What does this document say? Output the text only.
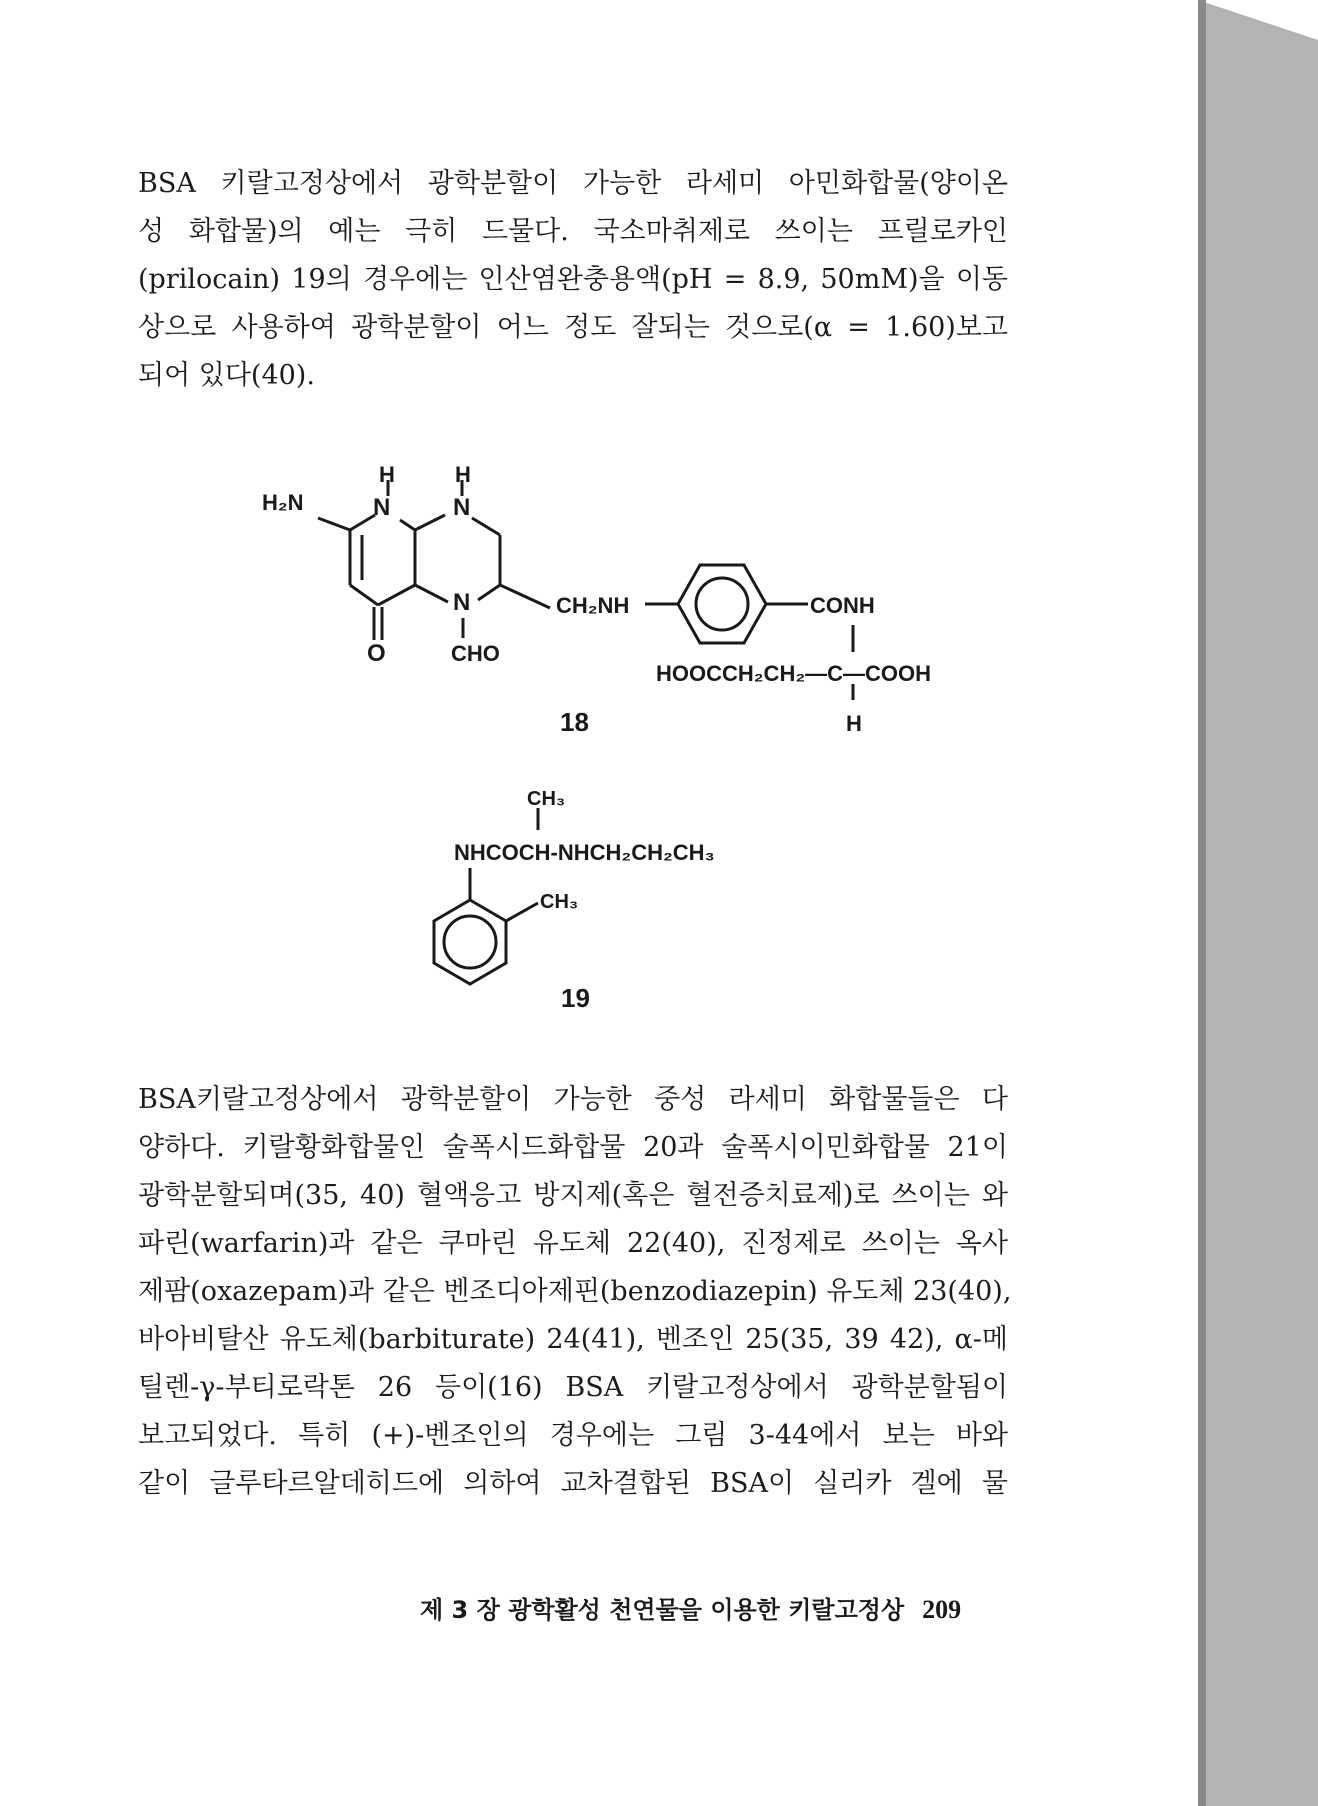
BSA 키랄고정상에서 광학분할이 가능한 라세미 아민화합물(양이온
성 화합물)의 예는 극히 드물다. 국소마취제로 쓰이는 프릴로카인
(prilocain) 19의 경우에는 인산염완충용액(pH = 8.9, 50mM)을 이동
상으로 사용하여 광학분할이 어느 정도 잘되는 것으로(α = 1.60)보고
되어 있다(40).
H	H
H₂N	N	N
N
O	CHO
CH₂NH	CONH
HOOCCH₂CH₂—C—COOH
H
18
CH₃
NHCOCH-NHCH₂CH₂CH₃
CH₃
19
BSA키랄고정상에서 광학분할이 가능한 중성 라세미 화합물들은 다
양하다. 키랄황화합물인 술폭시드화합물 20과 술폭시이민화합물 21이
광학분할되며(35, 40) 혈액응고 방지제(혹은 혈전증치료제)로 쓰이는 와
파린(warfarin)과 같은 쿠마린 유도체 22(40), 진정제로 쓰이는 옥사
제팜(oxazepam)과 같은 벤조디아제핀(benzodiazepin) 유도체 23(40),
바아비탈산 유도체(barbiturate) 24(41), 벤조인 25(35, 39 42), α-메
틸렌-γ-부티로락톤 26 등이(16) BSA 키랄고정상에서 광학분할됨이
보고되었다. 특히 (+)-벤조인의 경우에는 그림 3-44에서 보는 바와
같이 글루타르알데히드에 의하여 교차결합된 BSA이 실리카 겔에 물
제 3 장 광학활성 천연물을 이용한 키랄고정상 209
